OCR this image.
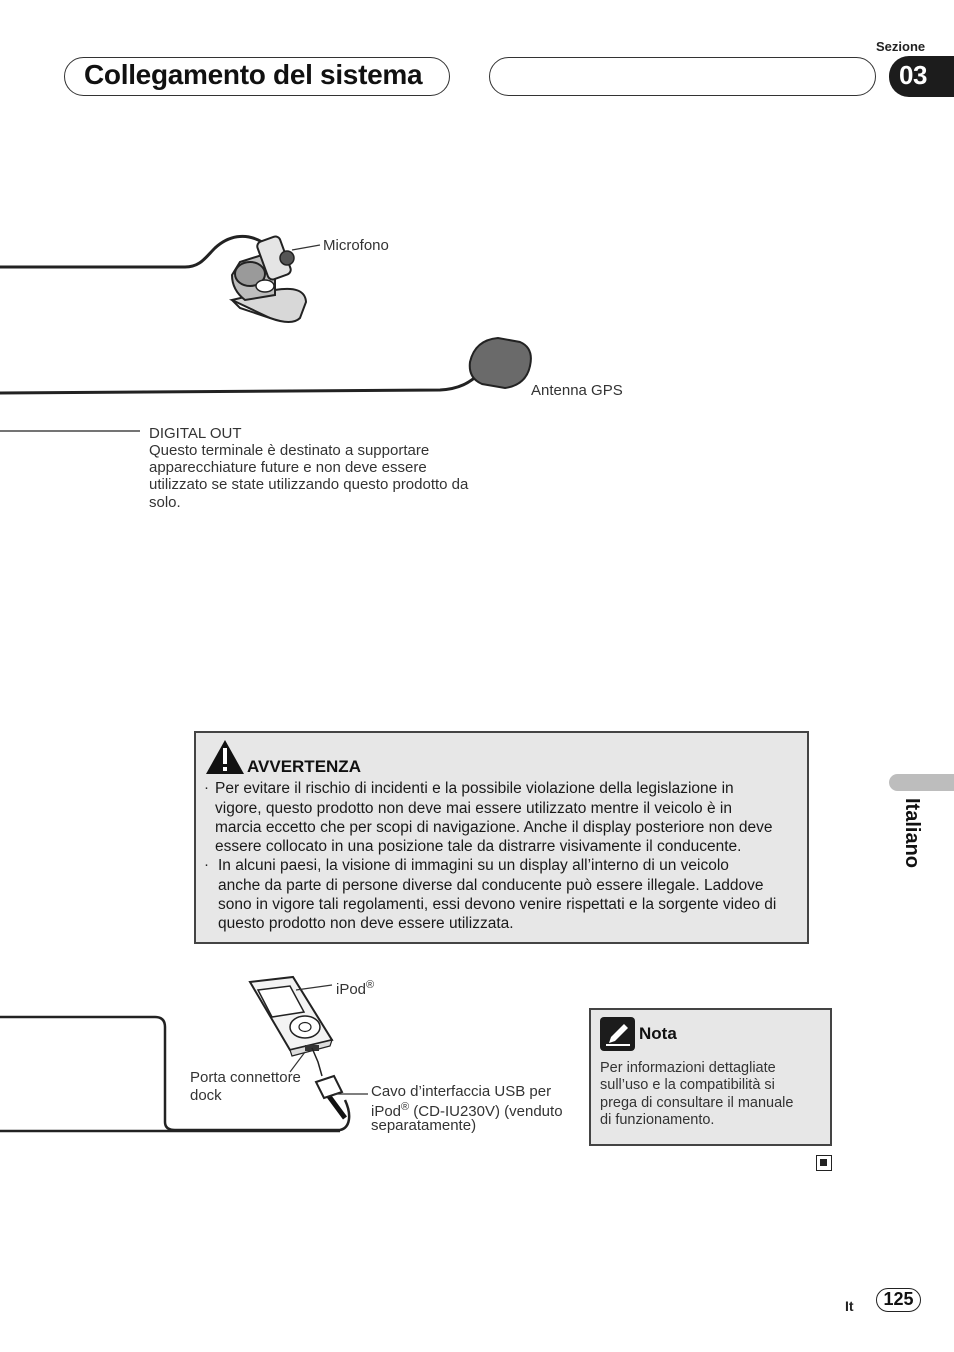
Collegamento del sistema
Sezione
03
Italiano
Microfono
Antenna GPS
DIGITAL OUT
Questo terminale è destinato a supportare
apparecchiature future e non deve essere
utilizzato se state utilizzando questo prodotto da
solo.
iPod®
Porta connettore
dock	Cavo d’interfaccia USB per
iPod® (CD-IU230V) (venduto
separatamente)
AVVERTENZA
· Per evitare il rischio di incidenti e la possibile violazione della legislazione in
vigore, questo prodotto non deve mai essere utilizzato mentre il veicolo è in
marcia eccetto che per scopi di navigazione. Anche il display posteriore non deve
essere collocato in una posizione tale da distrarre visivamente il conducente.
· In alcuni paesi, la visione di immagini su un display all’interno di un veicolo
anche da parte di persone diverse dal conducente può essere illegale. Laddove
sono in vigore tali regolamenti, essi devono venire rispettati e la sorgente video di
questo prodotto non deve essere utilizzata.
Nota
Per informazioni dettagliate
sull’uso e la compatibilità si
prega di consultare il manuale
di funzionamento.
It	125
